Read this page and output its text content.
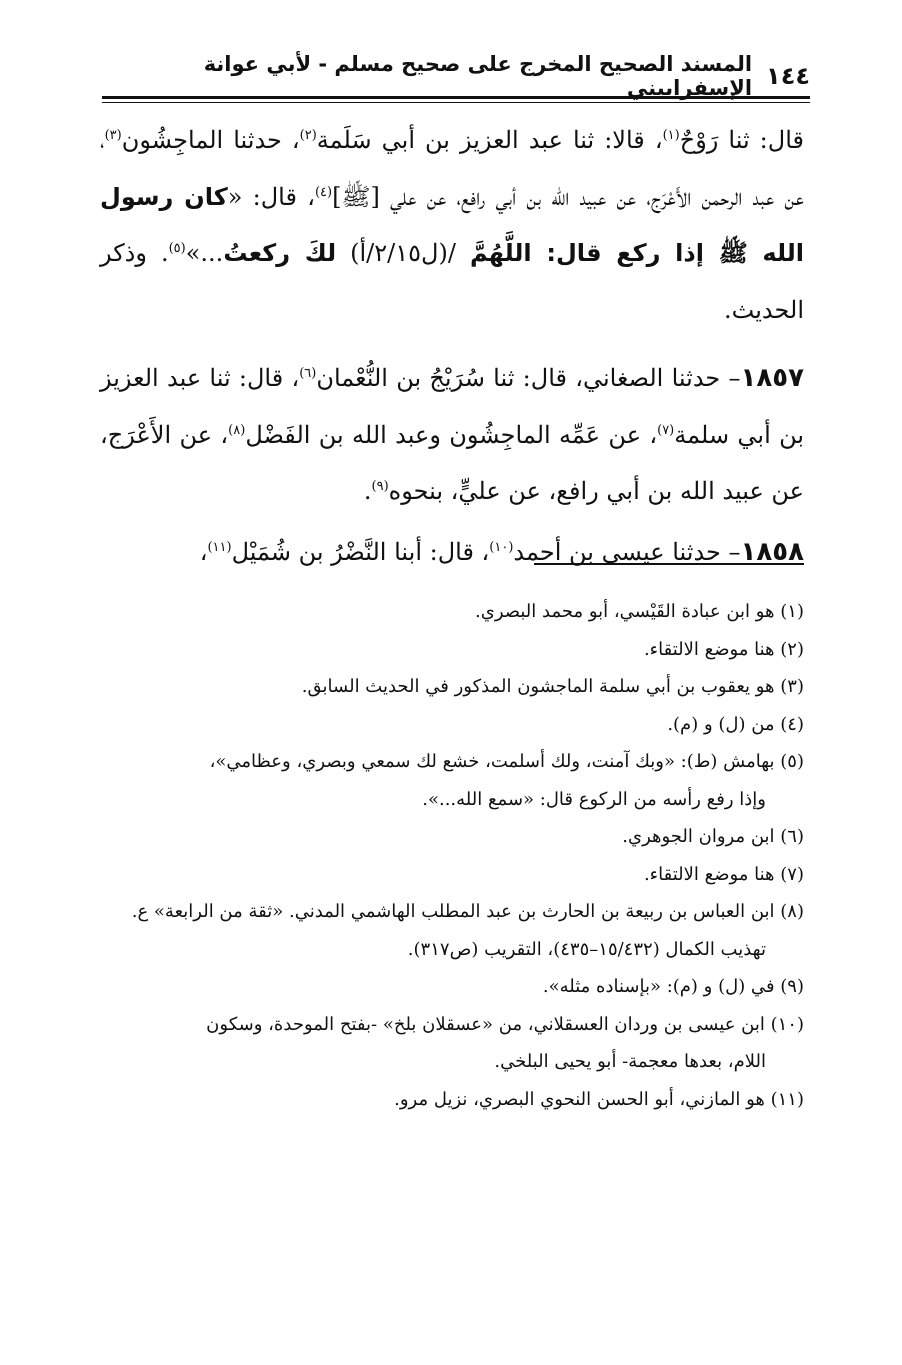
١٤٤
المسند الصحيح المخرج على صحيح مسلم - لأبي عوانة الإسفراييني

قال: ثنا رَوْحٌ$^{(١)}$، قالا: ثنا عبد العزيز بن أبي سَلَمة$^{(٢)}$، حدثنا الماجِشُون$^{(٣)}$، عن عبد الرحمن الأَعْرَج، عن عبيد الله بن أبي رافع، عن علي [ﷺ]$^{(٤)}$، قال: «كان رسول الله ﷺ إذا ركع قال: اللَّهُمَّ /(ل٢/١٥/أ) لكَ ركعتُ...»$^{(٥)}$. وذكر الحديث.

١٨٥٧– حدثنا الصغاني، قال: ثنا سُرَيْجُ بن النُّعْمان$^{(٦)}$، قال: ثنا عبد العزيز بن أبي سلمة$^{(٧)}$، عن عَمِّه الماجِشُون وعبد الله بن الفَضْل$^{(٨)}$، عن الأَعْرَج، عن عبيد الله بن أبي رافع، عن عليٍّ، بنحوه$^{(٩)}$.

١٨٥٨– حدثنا عيسى بن أحمد$^{(١٠)}$، قال: أبنا النَّضْرُ بن شُمَيْل$^{(١١)}$،

(١) هو ابن عبادة القَيْسي، أبو محمد البصري.
(٢) هنا موضع الالتقاء.
(٣) هو يعقوب بن أبي سلمة الماجشون المذكور في الحديث السابق.
(٤) من (ل) و (م).
(٥) بهامش (ط): «وبك آمنت، ولك أسلمت، خشع لك سمعي وبصري، وعظامي»،
وإذا رفع رأسه من الركوع قال: «سمع الله...».
(٦) ابن مروان الجوهري.
(٧) هنا موضع الالتقاء.
(٨) ابن العباس بن ربيعة بن الحارث بن عبد المطلب الهاشمي المدني. «ثقة من الرابعة» ع.
تهذيب الكمال (١٥/٤٣٢–٤٣٥)، التقريب (ص٣١٧).
(٩) في (ل) و (م): «بإسناده مثله».
(١٠) ابن عيسى بن وردان العسقلاني، من «عسقلان بلخ» -بفتح الموحدة، وسكون
اللام، بعدها معجمة- أبو يحيى البلخي.
(١١) هو المازني، أبو الحسن النحوي البصري، نزيل مرو.
